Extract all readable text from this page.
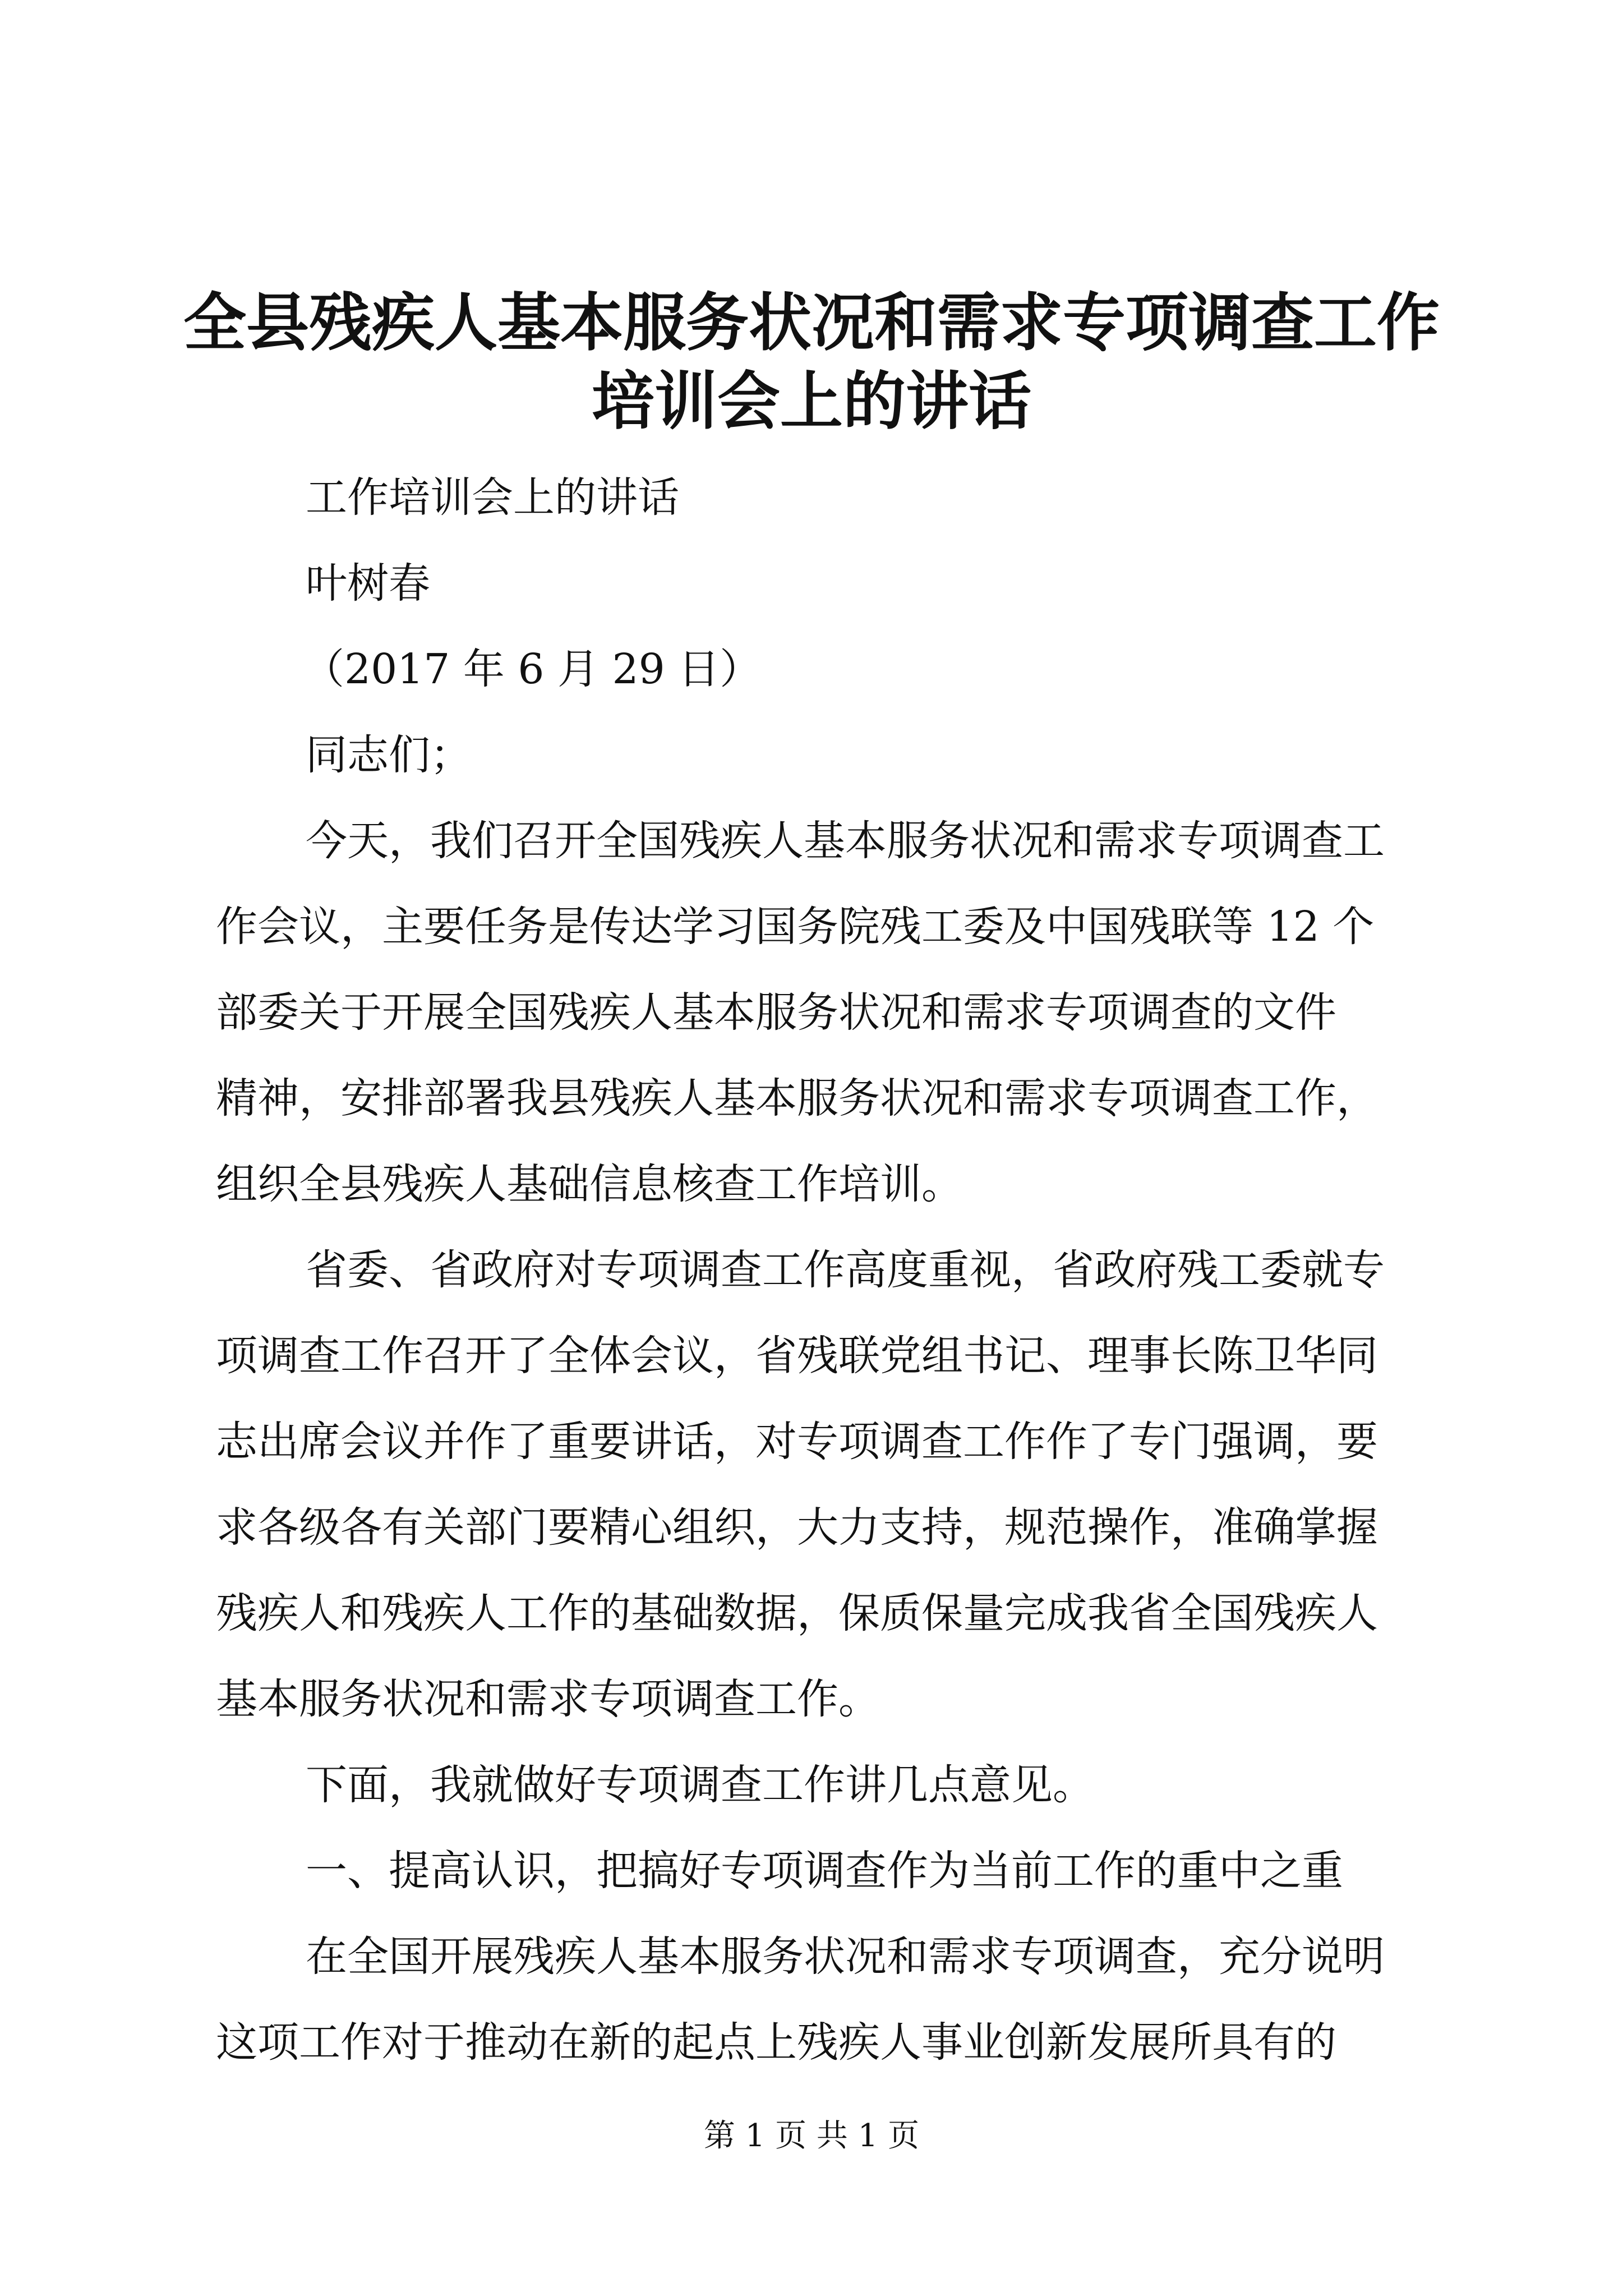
全县残疾人基本服务状况和需求专项调查工作
培训会上的讲话

工作培训会上的讲话

叶树春

（2017 年 6 月 29 日）

同志们；

今天，我们召开全国残疾人基本服务状况和需求专项调查工

作会议，主要任务是传达学习国务院残工委及中国残联等 12 个

部委关于开展全国残疾人基本服务状况和需求专项调查的文件

精神，安排部署我县残疾人基本服务状况和需求专项调查工作，

组织全县残疾人基础信息核查工作培训。

省委、省政府对专项调查工作高度重视，省政府残工委就专

项调查工作召开了全体会议，省残联党组书记、理事长陈卫华同

志出席会议并作了重要讲话，对专项调查工作作了专门强调，要

求各级各有关部门要精心组织，大力支持，规范操作，准确掌握

残疾人和残疾人工作的基础数据，保质保量完成我省全国残疾人

基本服务状况和需求专项调查工作。

下面，我就做好专项调查工作讲几点意见。

一、提高认识，把搞好专项调查作为当前工作的重中之重

在全国开展残疾人基本服务状况和需求专项调查，充分说明

这项工作对于推动在新的起点上残疾人事业创新发展所具有的

第 1 页 共 1 页
